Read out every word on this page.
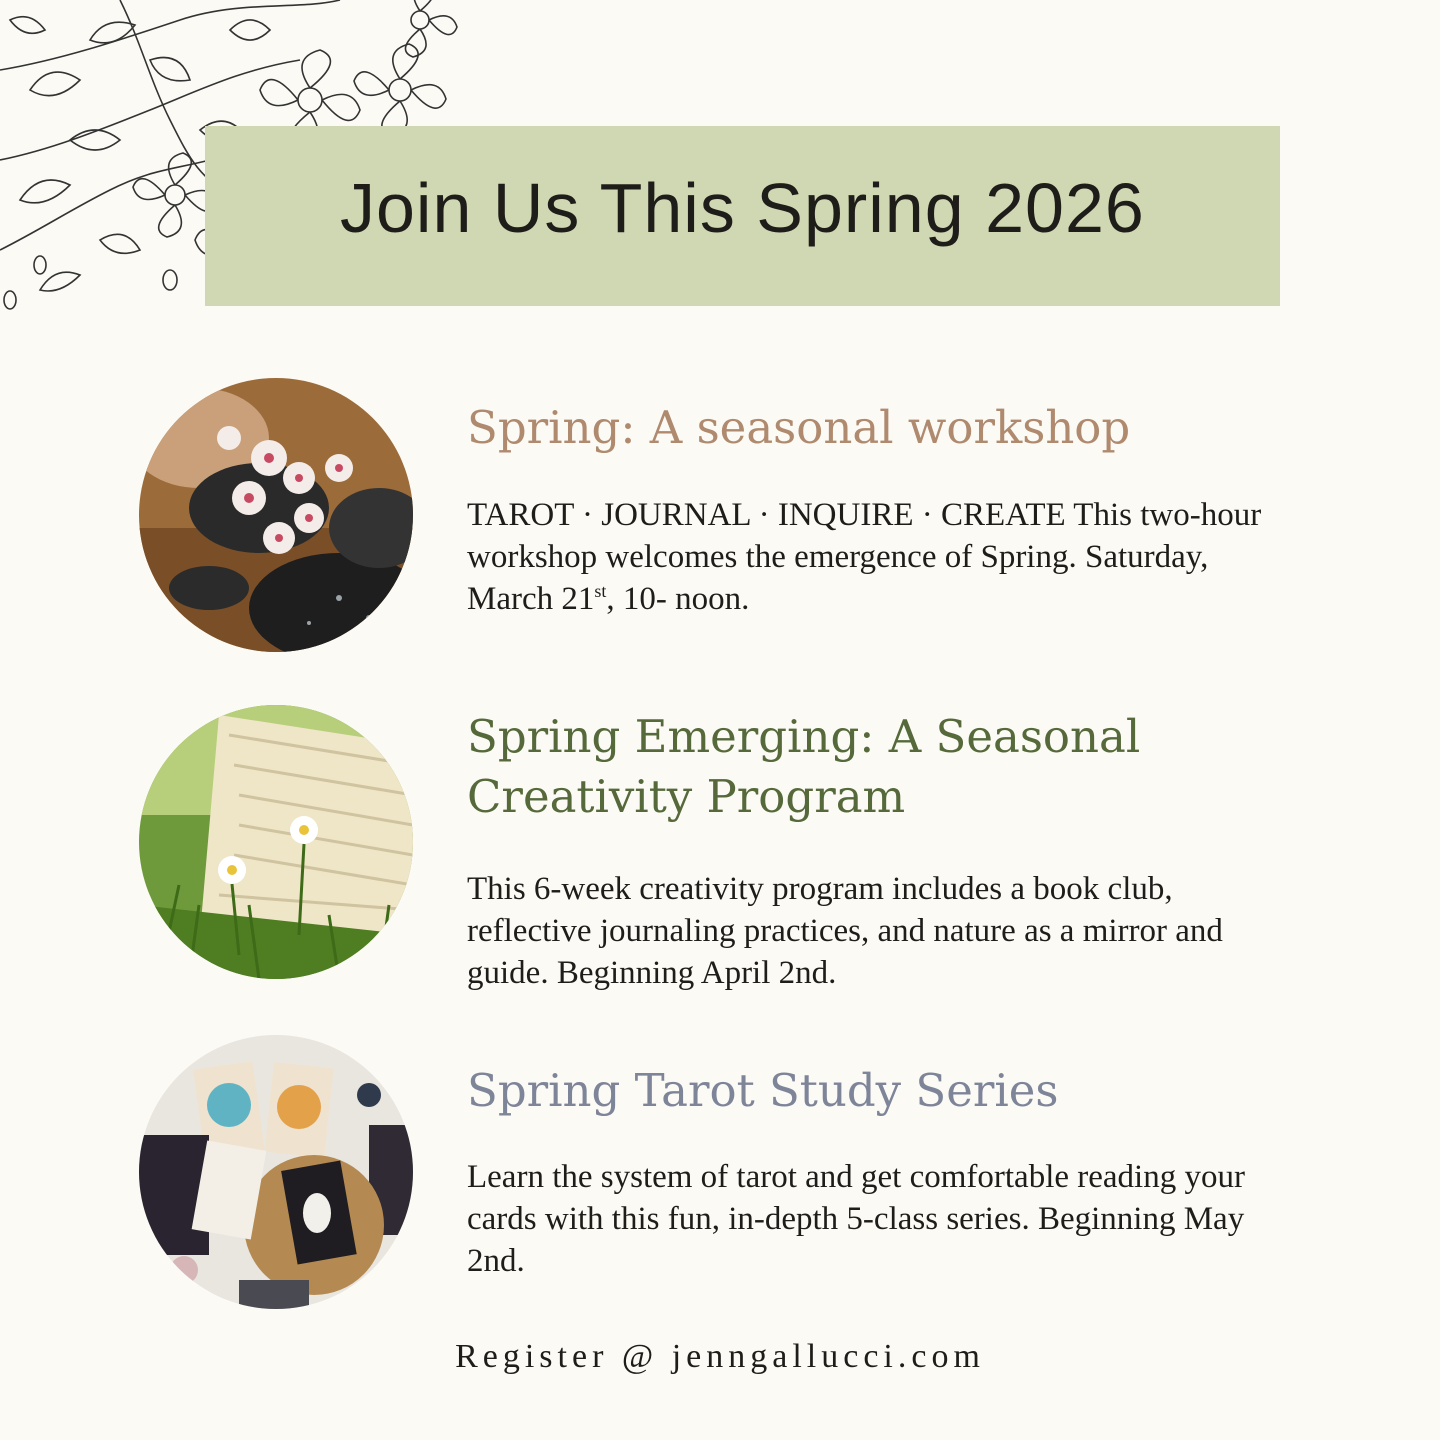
Join Us This Spring 2026
Spring: A seasonal workshop

TAROT · JOURNAL · INQUIRE · CREATE This two-hour workshop welcomes the emergence of Spring. Saturday, March 21st, 10- noon.

Spring Emerging: A Seasonal
Creativity Program

This 6-week creativity program includes a book club, reflective journaling practices, and nature as a mirror and guide. Beginning April 2nd.

Spring Tarot Study Series

Learn the system of tarot and get comfortable reading your cards with this fun, in-depth 5-class series. Beginning May 2nd.

Register @ jenngallucci.com
